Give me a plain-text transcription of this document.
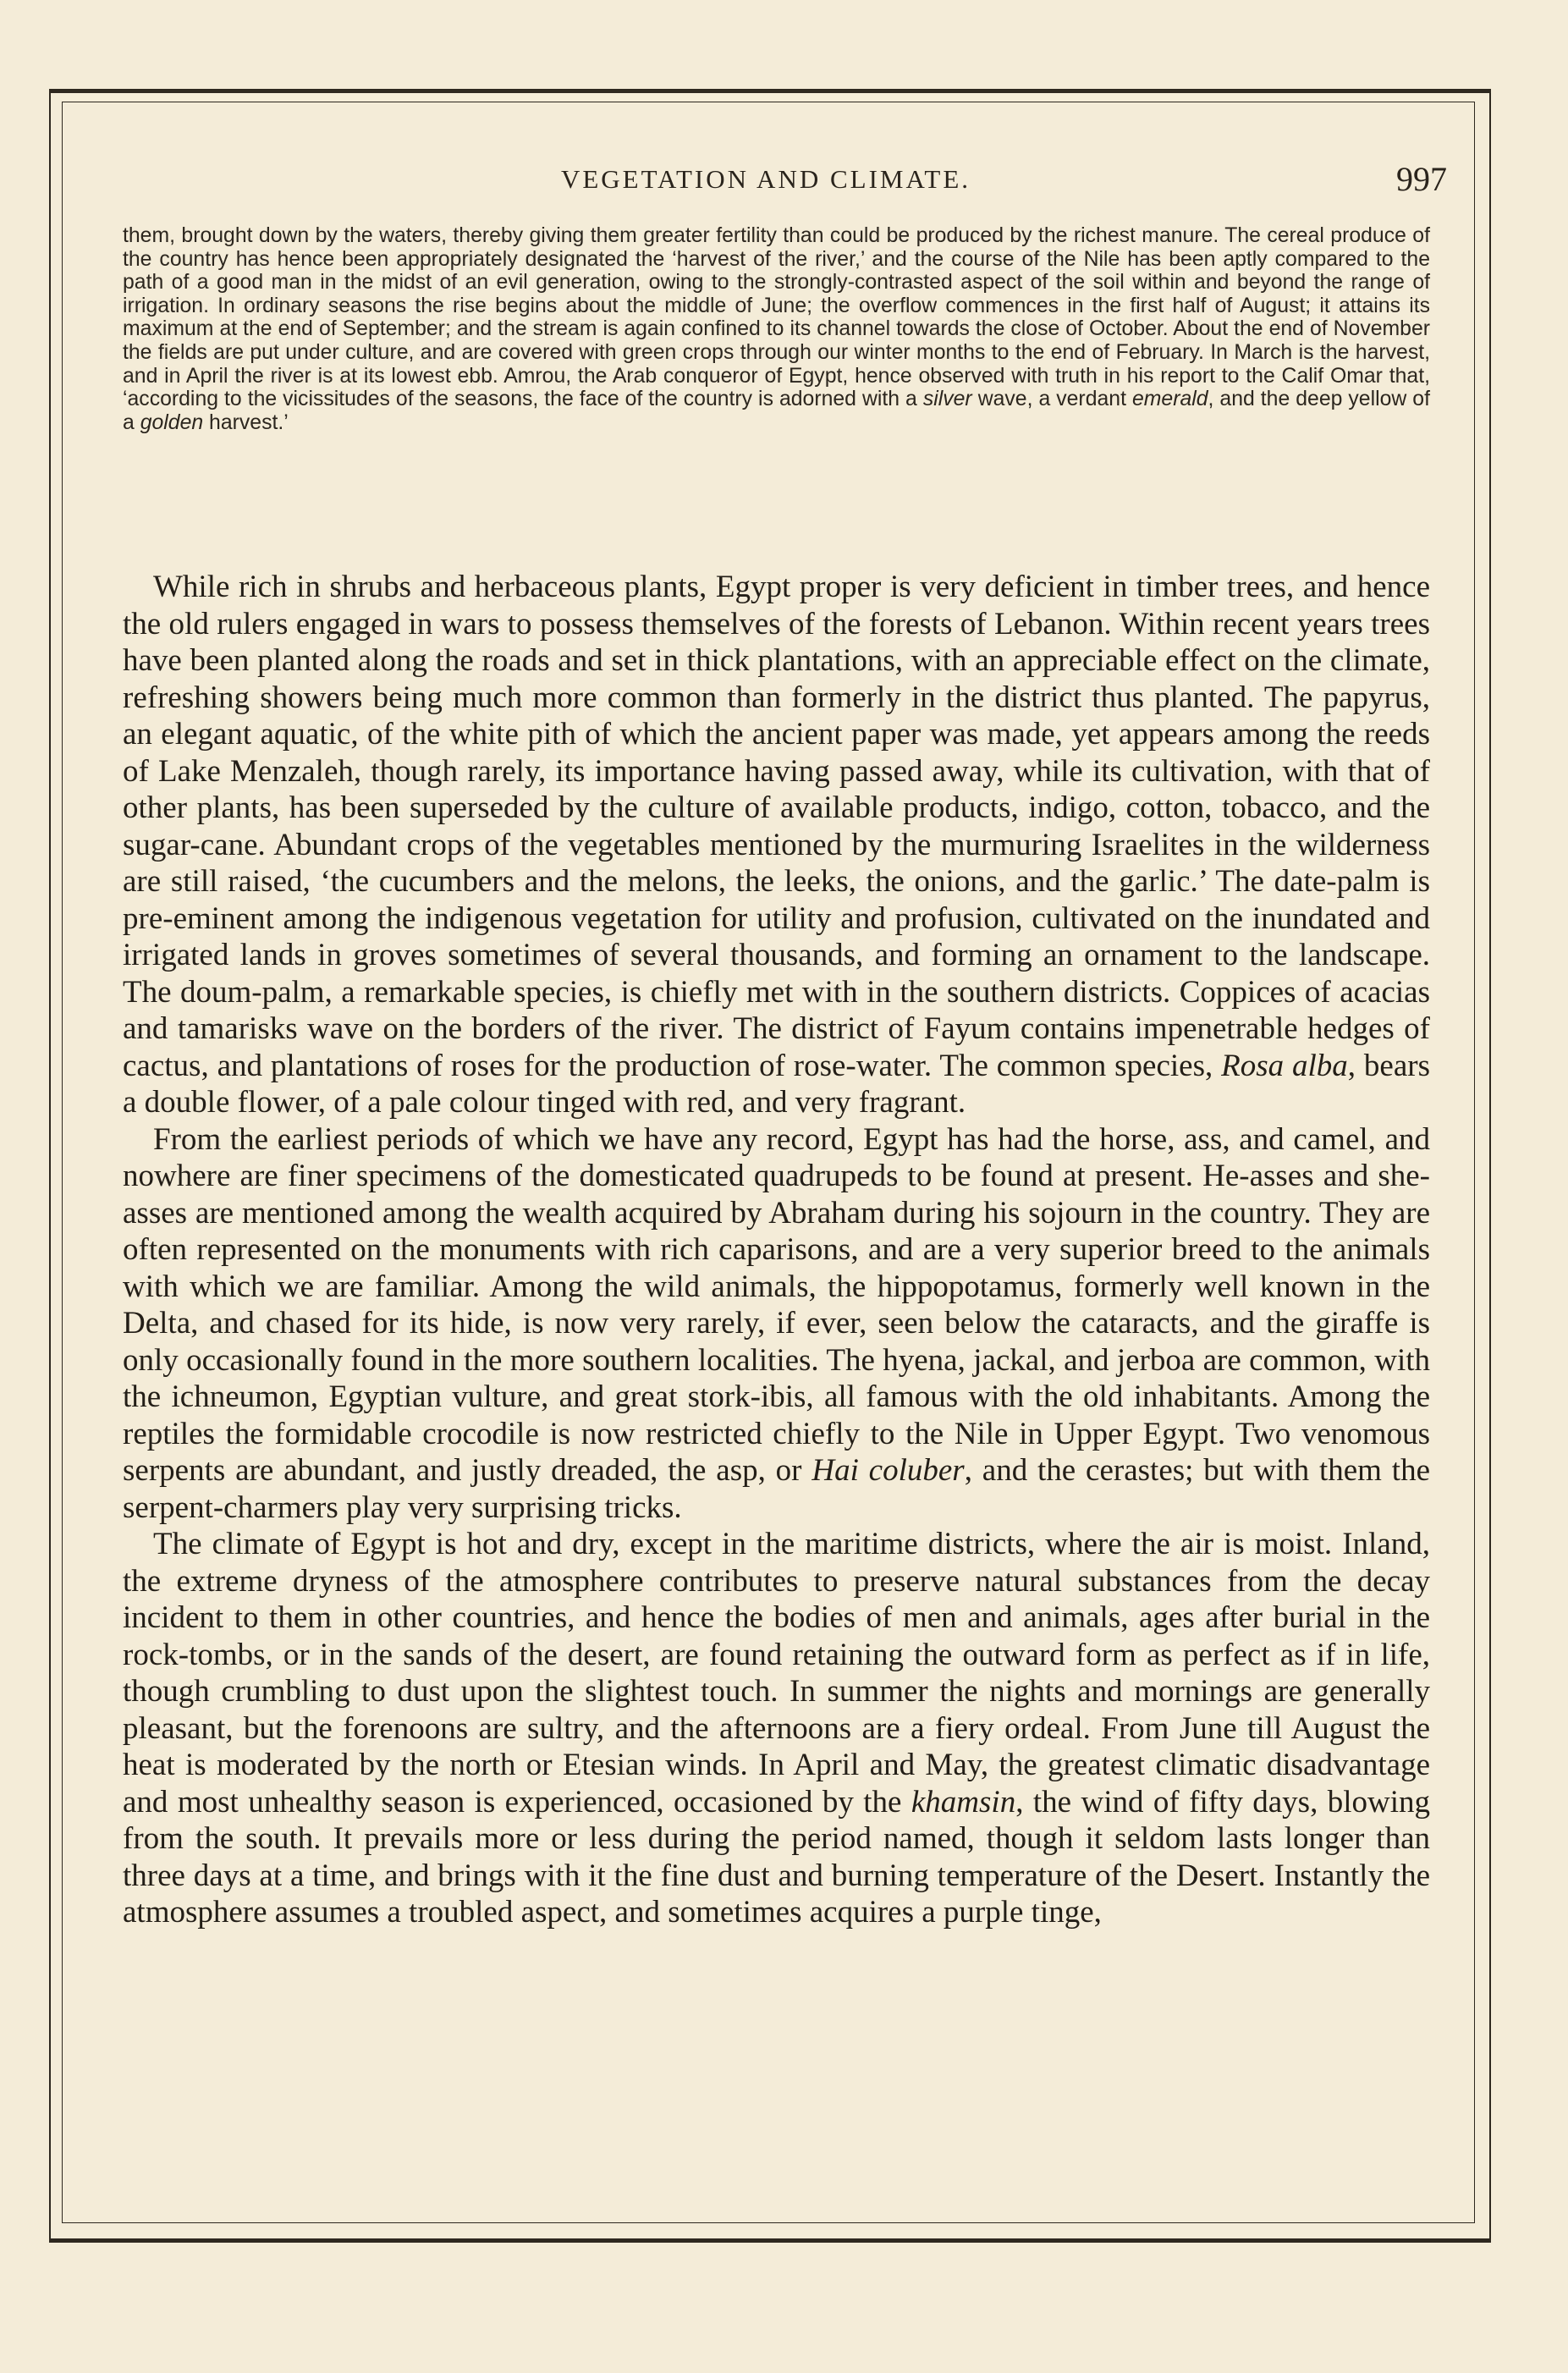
VEGETATION AND CLIMATE.	997

them, brought down by the waters, thereby giving them greater fertility than could be produced by the richest manure. The cereal produce of the country has hence been appropriately designated the ‘harvest of the river,’ and the course of the Nile has been aptly compared to the path of a good man in the midst of an evil generation, owing to the strongly-contrasted aspect of the soil within and beyond the range of irrigation. In ordinary seasons the rise begins about the middle of June; the overflow commences in the first half of August; it attains its maximum at the end of September; and the stream is again confined to its channel towards the close of October. About the end of November the fields are put under culture, and are covered with green crops through our winter months to the end of February. In March is the harvest, and in April the river is at its lowest ebb. Amrou, the Arab conqueror of Egypt, hence observed with truth in his report to the Calif Omar that, ‘according to the vicissitudes of the seasons, the face of the country is adorned with a silver wave, a verdant emerald, and the deep yellow of a golden harvest.’

While rich in shrubs and herbaceous plants, Egypt proper is very deficient in timber trees, and hence the old rulers engaged in wars to possess themselves of the forests of Lebanon. Within recent years trees have been planted along the roads and set in thick plantations, with an appreciable effect on the climate, refreshing showers being much more common than formerly in the district thus planted. The papyrus, an elegant aquatic, of the white pith of which the ancient paper was made, yet appears among the reeds of Lake Menzaleh, though rarely, its importance having passed away, while its cultivation, with that of other plants, has been superseded by the culture of available products, indigo, cotton, tobacco, and the sugar-cane. Abundant crops of the vegetables mentioned by the murmuring Israelites in the wilderness are still raised, ‘the cucumbers and the melons, the leeks, the onions, and the garlic.’ The date-palm is pre-eminent among the indigenous vegetation for utility and profusion, cultivated on the inundated and irrigated lands in groves sometimes of several thousands, and forming an ornament to the landscape. The doum-palm, a remarkable species, is chiefly met with in the southern districts. Coppices of acacias and tamarisks wave on the borders of the river. The district of Fayum contains impenetrable hedges of cactus, and plantations of roses for the production of rose-water. The common species, Rosa alba, bears a double flower, of a pale colour tinged with red, and very fragrant.

From the earliest periods of which we have any record, Egypt has had the horse, ass, and camel, and nowhere are finer specimens of the domesticated quadrupeds to be found at present. He-asses and she-asses are mentioned among the wealth acquired by Abraham during his sojourn in the country. They are often represented on the monuments with rich caparisons, and are a very superior breed to the animals with which we are familiar. Among the wild animals, the hippopotamus, formerly well known in the Delta, and chased for its hide, is now very rarely, if ever, seen below the cataracts, and the giraffe is only occasionally found in the more southern localities. The hyena, jackal, and jerboa are common, with the ichneumon, Egyptian vulture, and great stork-ibis, all famous with the old inhabitants. Among the reptiles the formidable crocodile is now restricted chiefly to the Nile in Upper Egypt. Two venomous serpents are abundant, and justly dreaded, the asp, or Hai coluber, and the cerastes; but with them the serpent-charmers play very surprising tricks.

The climate of Egypt is hot and dry, except in the maritime districts, where the air is moist. Inland, the extreme dryness of the atmosphere contributes to preserve natural substances from the decay incident to them in other countries, and hence the bodies of men and animals, ages after burial in the rock-tombs, or in the sands of the desert, are found retaining the outward form as perfect as if in life, though crumbling to dust upon the slightest touch. In summer the nights and mornings are generally pleasant, but the forenoons are sultry, and the afternoons are a fiery ordeal. From June till August the heat is moderated by the north or Etesian winds. In April and May, the greatest climatic disadvantage and most unhealthy season is experienced, occasioned by the khamsin, the wind of fifty days, blowing from the south. It prevails more or less during the period named, though it seldom lasts longer than three days at a time, and brings with it the fine dust and burning temperature of the Desert. Instantly the atmosphere assumes a troubled aspect, and sometimes acquires a purple tinge,
